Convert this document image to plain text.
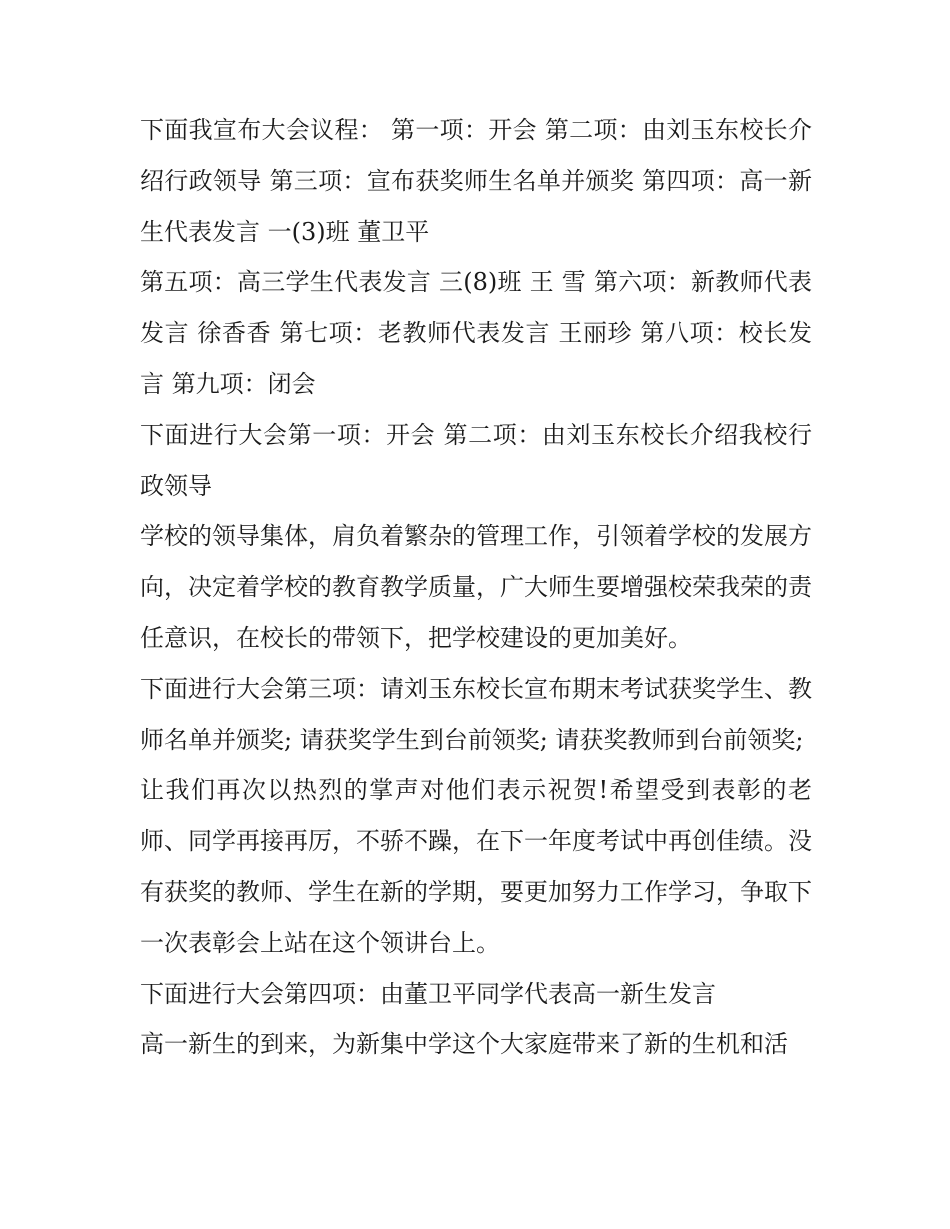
下面我宣布大会议程： 第一项：开会 第二项：由刘玉东校长介绍行政领导 第三项：宣布获奖师生名单并颁奖 第四项：高一新生代表发言 一(3)班 董卫平

第五项：高三学生代表发言 三(8)班 王 雪 第六项：新教师代表发言 徐香香 第七项：老教师代表发言 王丽珍 第八项：校长发言 第九项：闭会

下面进行大会第一项：开会 第二项：由刘玉东校长介绍我校行政领导

学校的领导集体，肩负着繁杂的管理工作，引领着学校的发展方向，决定着学校的教育教学质量，广大师生要增强校荣我荣的责任意识，在校长的带领下，把学校建设的更加美好。

下面进行大会第三项：请刘玉东校长宣布期末考试获奖学生、教师名单并颁奖; 请获奖学生到台前领奖; 请获奖教师到台前领奖;

让我们再次以热烈的掌声对他们表示祝贺!希望受到表彰的老师、同学再接再厉，不骄不躁，在下一年度考试中再创佳绩。没有获奖的教师、学生在新的学期，要更加努力工作学习，争取下一次表彰会上站在这个领讲台上。

下面进行大会第四项：由董卫平同学代表高一新生发言

高一新生的到来，为新集中学这个大家庭带来了新的生机和活
